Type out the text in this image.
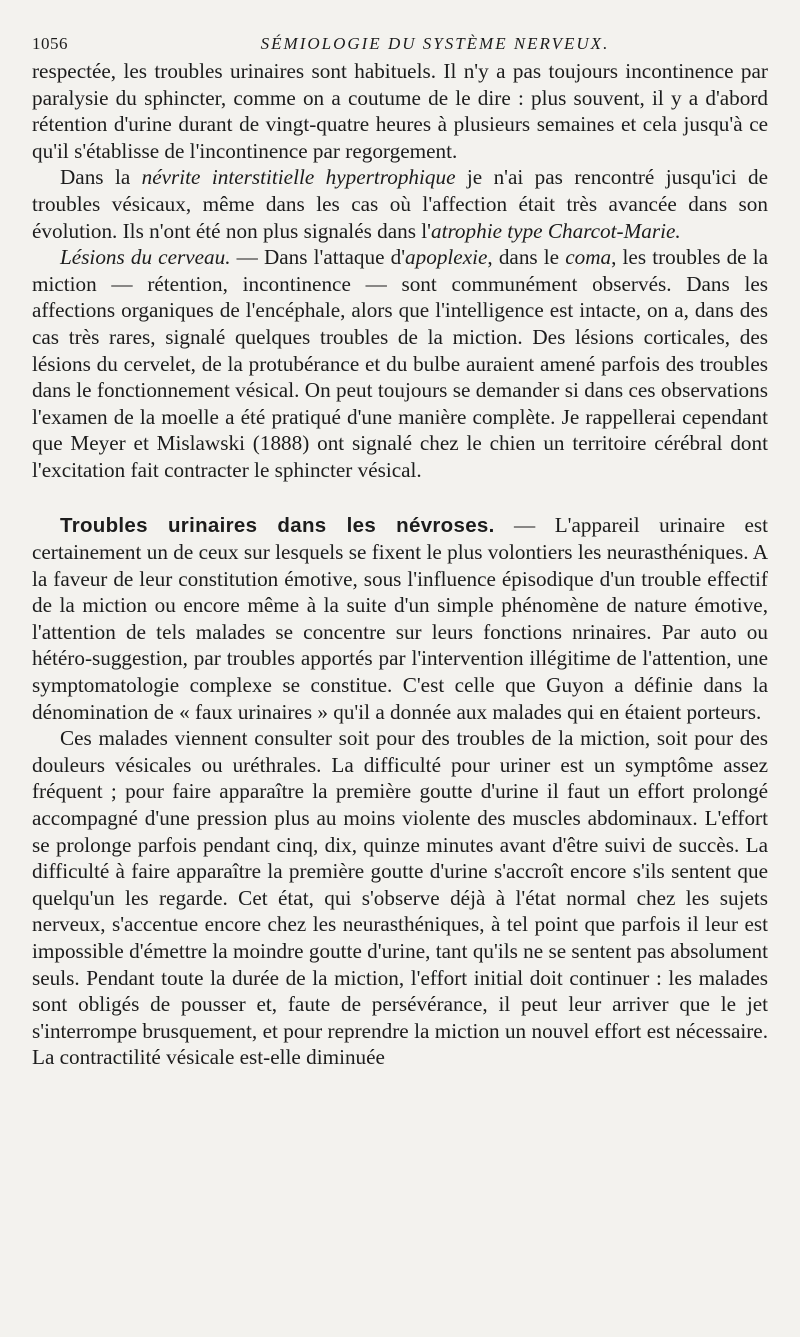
1056	SÉMIOLOGIE DU SYSTÈME NERVEUX.

respectée, les troubles urinaires sont habituels. Il n'y a pas toujours incontinence par paralysie du sphincter, comme on a coutume de le dire : plus souvent, il y a d'abord rétention d'urine durant de vingt-quatre heures à plusieurs semaines et cela jusqu'à ce qu'il s'établisse de l'incontinence par regorgement.

Dans la névrite interstitielle hypertrophique je n'ai pas rencontré jusqu'ici de troubles vésicaux, même dans les cas où l'affection était très avancée dans son évolution. Ils n'ont été non plus signalés dans l'atrophie type Charcot-Marie.

Lésions du cerveau. — Dans l'attaque d'apoplexie, dans le coma, les troubles de la miction — rétention, incontinence — sont communément observés. Dans les affections organiques de l'encéphale, alors que l'intelligence est intacte, on a, dans des cas très rares, signalé quelques troubles de la miction. Des lésions corticales, des lésions du cervelet, de la protubérance et du bulbe auraient amené parfois des troubles dans le fonctionnement vésical. On peut toujours se demander si dans ces observations l'examen de la moelle a été pratiqué d'une manière complète. Je rappellerai cependant que Meyer et Mislawski (1888) ont signalé chez le chien un territoire cérébral dont l'excitation fait contracter le sphincter vésical.

Troubles urinaires dans les névroses. — L'appareil urinaire est certainement un de ceux sur lesquels se fixent le plus volontiers les neurasthéniques. A la faveur de leur constitution émotive, sous l'influence épisodique d'un trouble effectif de la miction ou encore même à la suite d'un simple phénomène de nature émotive, l'attention de tels malades se concentre sur leurs fonctions nrinaires. Par auto ou hétéro-suggestion, par troubles apportés par l'intervention illégitime de l'attention, une symptomatologie complexe se constitue. C'est celle que Guyon a définie dans la dénomination de « faux urinaires » qu'il a donnée aux malades qui en étaient porteurs.

Ces malades viennent consulter soit pour des troubles de la miction, soit pour des douleurs vésicales ou uréthrales. La difficulté pour uriner est un symptôme assez fréquent ; pour faire apparaître la première goutte d'urine il faut un effort prolongé accompagné d'une pression plus au moins violente des muscles abdominaux. L'effort se prolonge parfois pendant cinq, dix, quinze minutes avant d'être suivi de succès. La difficulté à faire apparaître la première goutte d'urine s'accroît encore s'ils sentent que quelqu'un les regarde. Cet état, qui s'observe déjà à l'état normal chez les sujets nerveux, s'accentue encore chez les neurasthéniques, à tel point que parfois il leur est impossible d'émettre la moindre goutte d'urine, tant qu'ils ne se sentent pas absolument seuls. Pendant toute la durée de la miction, l'effort initial doit continuer : les malades sont obligés de pousser et, faute de persévérance, il peut leur arriver que le jet s'interrompe brusquement, et pour reprendre la miction un nouvel effort est nécessaire. La contractilité vésicale est-elle diminuée
